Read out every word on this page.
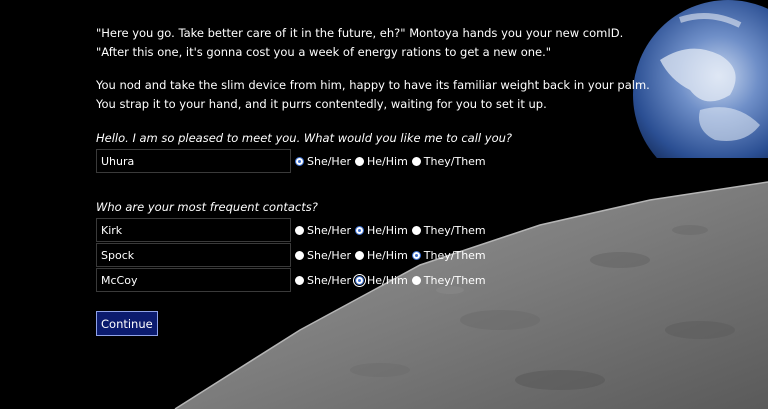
"Here you go. Take better care of it in the future, eh?" Montoya hands you your new comID. "After this one, it's gonna cost you a week of energy rations to get a new one."

You nod and take the slim device from him, happy to have its familiar weight back in your palm. You strap it to your hand, and it purrs contentedly, waiting for you to set it up.

Hello. I am so pleased to meet you. What would you like me to call you?

Uhura
She/Her He/Him They/Them

Who are your most frequent contacts?

Kirk
She/Her He/Him They/Them
Spock
She/Her He/Him They/Them
McCoy
She/Her He/Him They/Them
Continue
